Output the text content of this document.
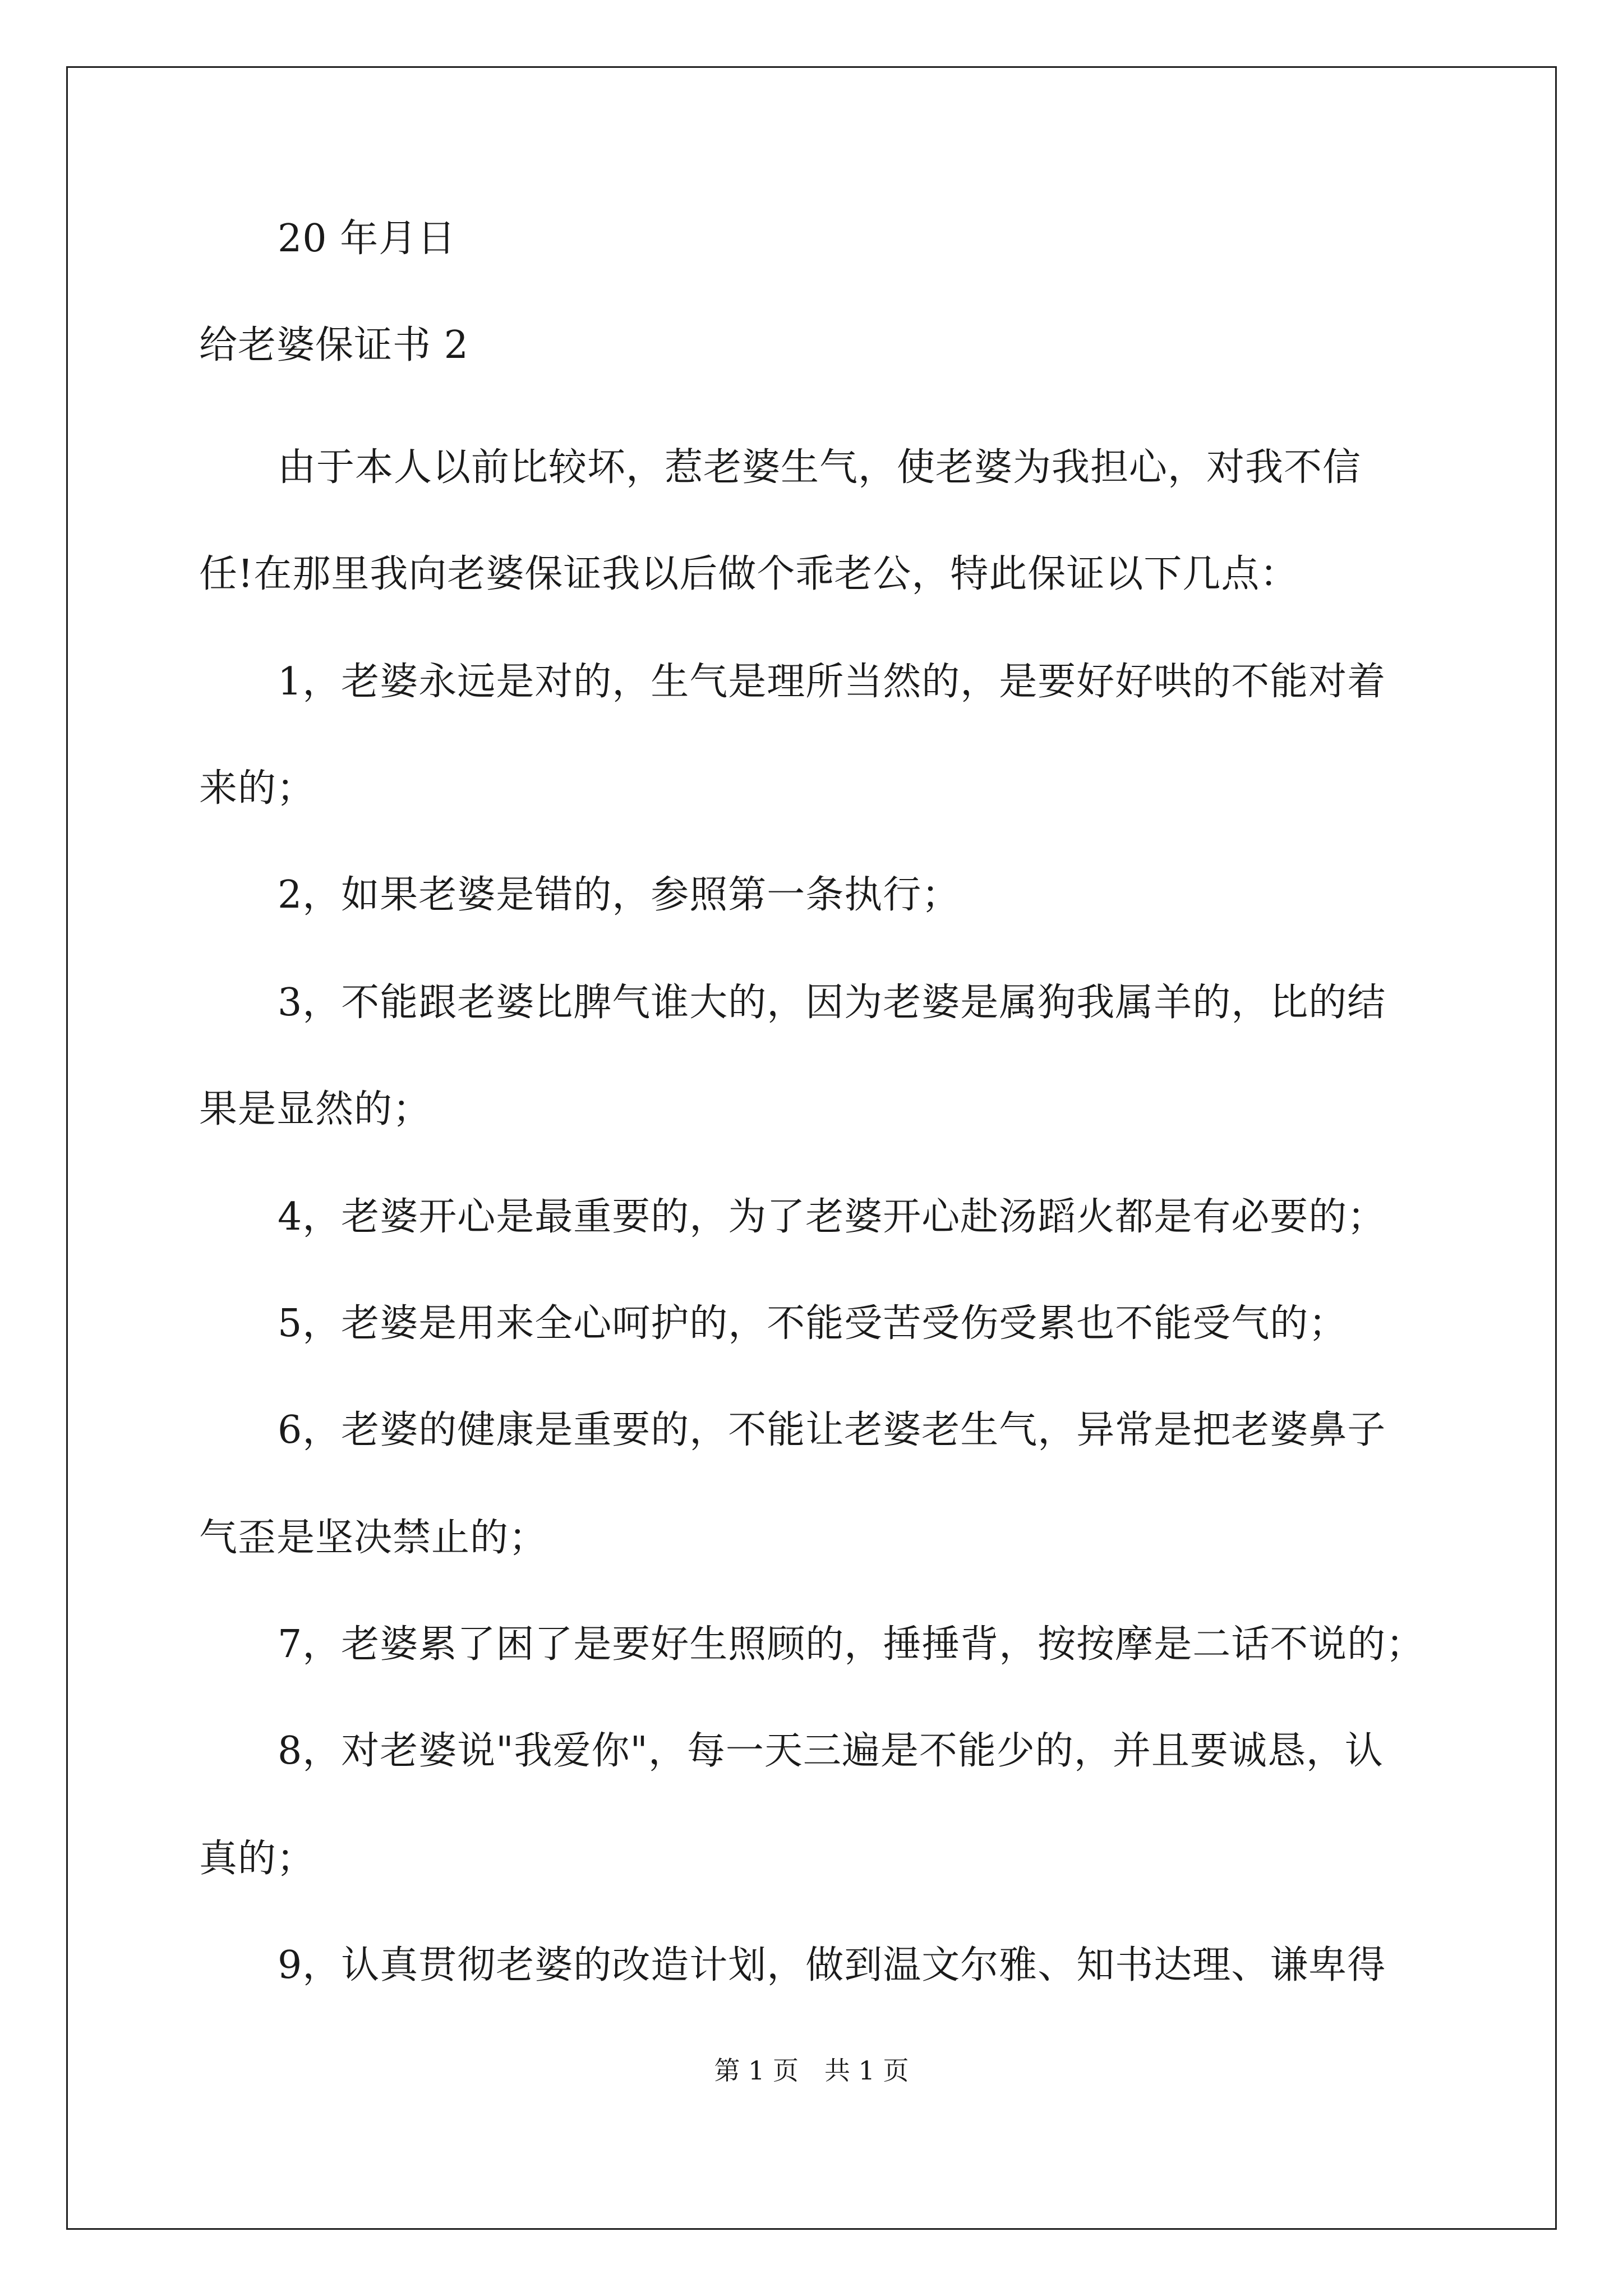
20 年月日
给老婆保证书 2
由于本人以前比较坏，惹老婆生气，使老婆为我担心，对我不信
任!在那里我向老婆保证我以后做个乖老公，特此保证以下几点：
1，老婆永远是对的，生气是理所当然的，是要好好哄的不能对着
来的；
2，如果老婆是错的，参照第一条执行；
3，不能跟老婆比脾气谁大的，因为老婆是属狗我属羊的，比的结
果是显然的；
4，老婆开心是最重要的，为了老婆开心赴汤蹈火都是有必要的；
5，老婆是用来全心呵护的，不能受苦受伤受累也不能受气的；
6，老婆的健康是重要的，不能让老婆老生气，异常是把老婆鼻子
气歪是坚决禁止的；
7，老婆累了困了是要好生照顾的，捶捶背，按按摩是二话不说的；
8，对老婆说"我爱你"，每一天三遍是不能少的，并且要诚恳，认
真的；
9，认真贯彻老婆的改造计划，做到温文尔雅、知书达理、谦卑得
第 1 页　共 1 页
